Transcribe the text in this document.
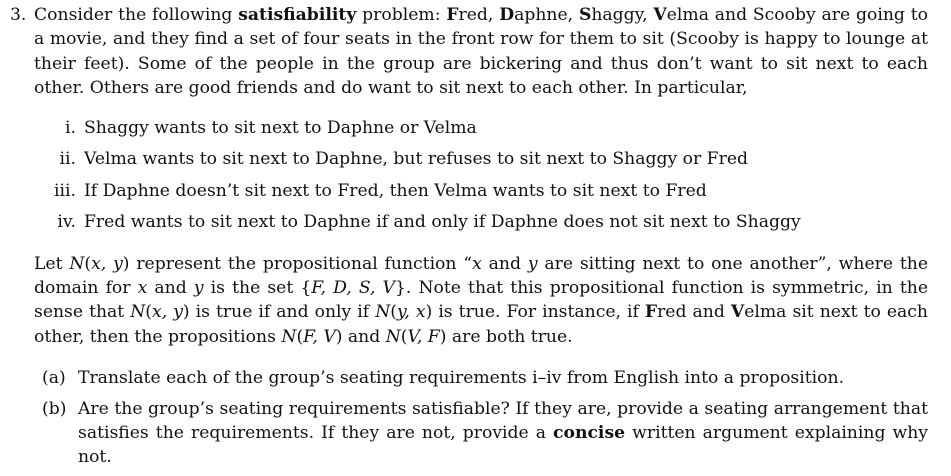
3. Consider the following satisfiability problem: Fred, Daphne, Shaggy, Velma and Scooby are going to a movie, and they find a set of four seats in the front row for them to sit (Scooby is happy to lounge at their feet). Some of the people in the group are bickering and thus don’t want to sit next to each other. Others are good friends and do want to sit next to each other. In particular,
i. Shaggy wants to sit next to Daphne or Velma
ii. Velma wants to sit next to Daphne, but refuses to sit next to Shaggy or Fred
iii. If Daphne doesn’t sit next to Fred, then Velma wants to sit next to Fred
iv. Fred wants to sit next to Daphne if and only if Daphne does not sit next to Shaggy
Let N(x, y) represent the propositional function “x and y are sitting next to one another”, where the domain for x and y is the set {F, D, S, V}. Note that this propositional function is symmetric, in the sense that N(x, y) is true if and only if N(y, x) is true. For instance, if Fred and Velma sit next to each other, then the propositions N(F, V) and N(V, F) are both true.
(a) Translate each of the group’s seating requirements i–iv from English into a proposition.
(b) Are the group’s seating requirements satisfiable? If they are, provide a seating arrangement that satisfies the requirements. If they are not, provide a concise written argument explaining why not.
